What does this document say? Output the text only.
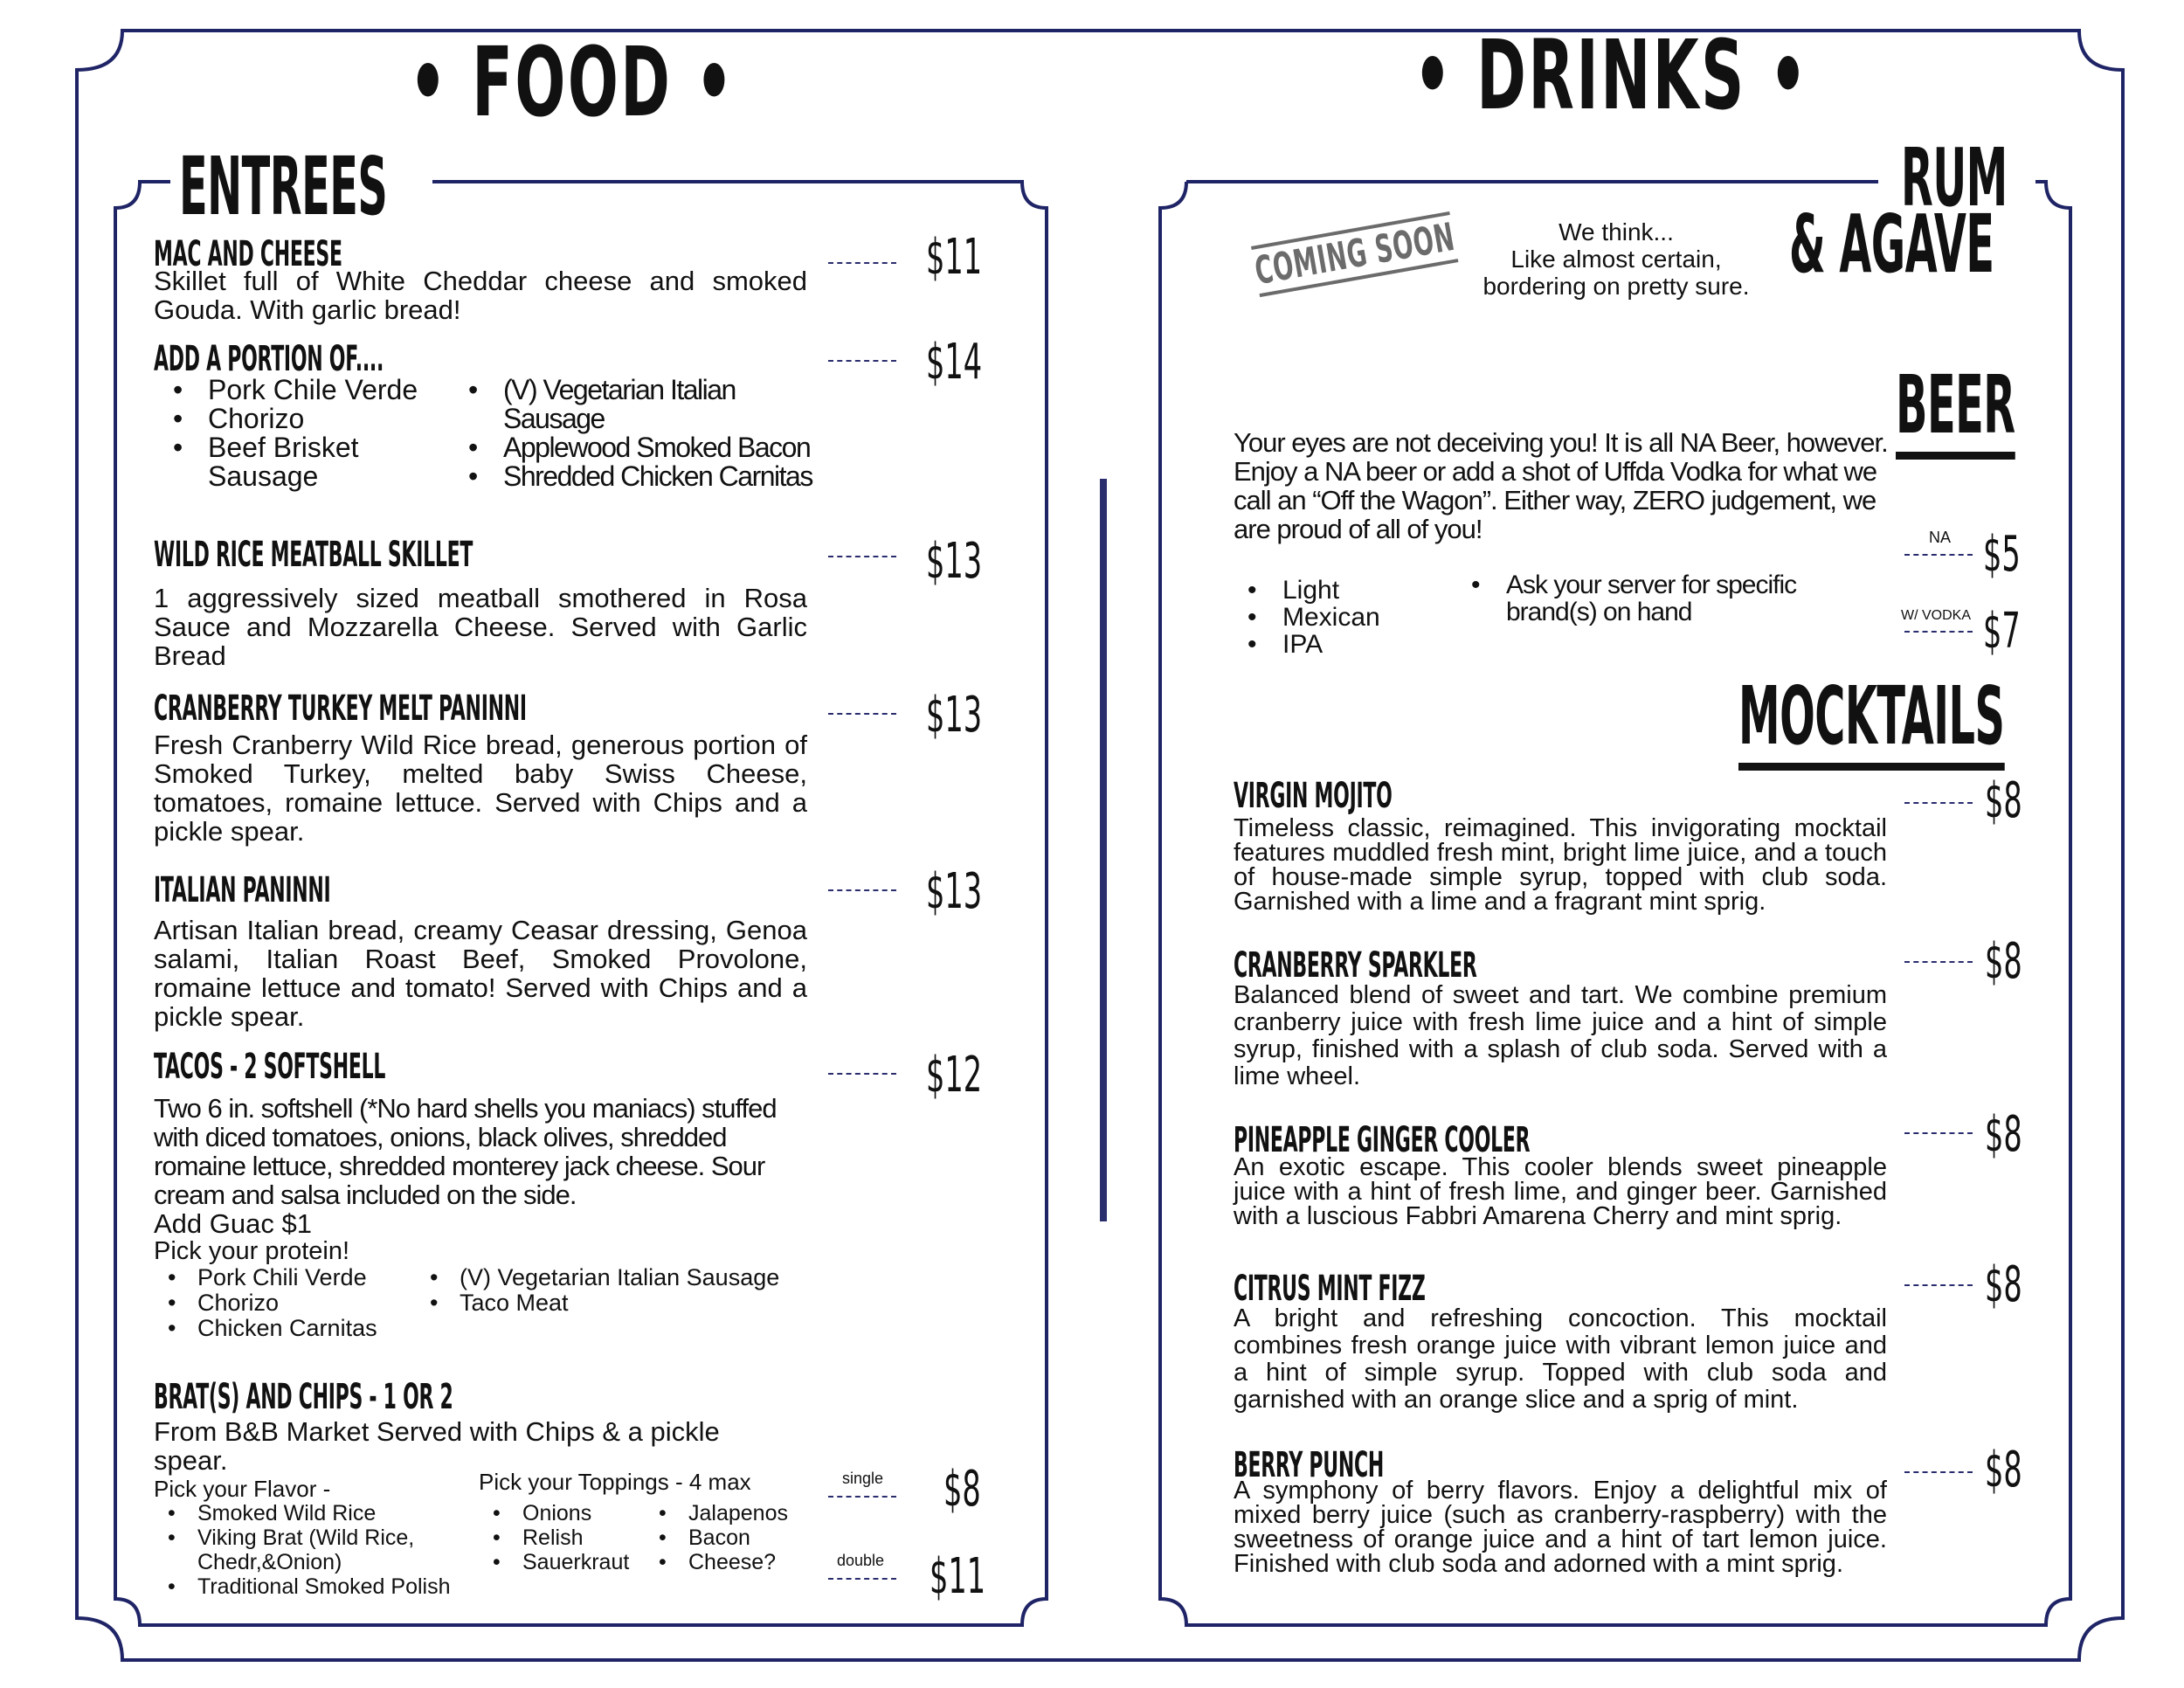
• FOOD •	• DRINKS •
ENTREES
MAC AND CHEESE
Skillet full of White Cheddar cheese and smoked Gouda. With garlic bread!
$11
ADD A PORTION OF....	$14
• Pork Chile Verde
• Chorizo
• Beef Brisket Sausage
• (V) Vegetarian Italian Sausage
• Applewood Smoked Bacon
• Shredded Chicken Carnitas
WILD RICE MEATBALL SKILLET
1 aggressively sized meatball smothered in Rosa Sauce and Mozzarella Cheese. Served with Garlic Bread
$13
CRANBERRY TURKEY MELT PANINNI
Fresh Cranberry Wild Rice bread, generous portion of Smoked Turkey, melted baby Swiss Cheese, tomatoes, romaine lettuce. Served with Chips and a pickle spear.
$13
ITALIAN PANINNI
Artisan Italian bread, creamy Ceasar dressing, Genoa salami, Italian Roast Beef, Smoked Provolone, romaine lettuce and tomato! Served with Chips and a pickle spear.
$13
TACOS - 2 SOFTSHELL
Two 6 in. softshell (*No hard shells you maniacs) stuffed with diced tomatoes, onions, black olives, shredded romaine lettuce, shredded monterey jack cheese. Sour cream and salsa included on the side.
Add Guac $1
Pick your protein!
$12
• Pork Chili Verde
• Chorizo
• Chicken Carnitas
• (V) Vegetarian Italian Sausage
• Taco Meat
BRAT(S) AND CHIPS - 1 OR 2
From B&B Market Served with Chips & a pickle spear.
Pick your Flavor -
• Smoked Wild Rice
• Viking Brat (Wild Rice, Chedr,&Onion)
• Traditional Smoked Polish
Pick your Toppings - 4 max
• Onions
• Relish
• Sauerkraut
• Jalapenos
• Bacon
• Cheese?
single $8
double $11
RUM
& AGAVE
COMING SOON	We think...
Like almost certain,
bordering on pretty sure.
BEER
Your eyes are not deceiving you! It is all NA Beer, however.
Enjoy a NA beer or add a shot of Uffda Vodka for what we call an “Off the Wagon”. Either way, ZERO judgement, we are proud of all of you!
• Light
• Mexican
• IPA
• Ask your server for specific brand(s) on hand
NA $5
W/ VODKA $7
MOCKTAILS
VIRGIN MOJITO
Timeless classic, reimagined. This invigorating mocktail features muddled fresh mint, bright lime juice, and a touch of house-made simple syrup, topped with club soda. Garnished with a lime and a fragrant mint sprig.
$8
CRANBERRY SPARKLER
Balanced blend of sweet and tart. We combine premium cranberry juice with fresh lime juice and a hint of simple syrup, finished with a splash of club soda. Served with a lime wheel.
$8
PINEAPPLE GINGER COOLER
An exotic escape. This cooler blends sweet pineapple juice with a hint of fresh lime, and ginger beer. Garnished with a luscious Fabbri Amarena Cherry and mint sprig.
$8
CITRUS MINT FIZZ
A bright and refreshing concoction. This mocktail combines fresh orange juice with vibrant lemon juice and a hint of simple syrup. Topped with club soda and garnished with an orange slice and a sprig of mint.
$8
BERRY PUNCH
A symphony of berry flavors. Enjoy a delightful mix of mixed berry juice (such as cranberry-raspberry) with the sweetness of orange juice and a hint of tart lemon juice. Finished with club soda and adorned with a mint sprig.
$8
